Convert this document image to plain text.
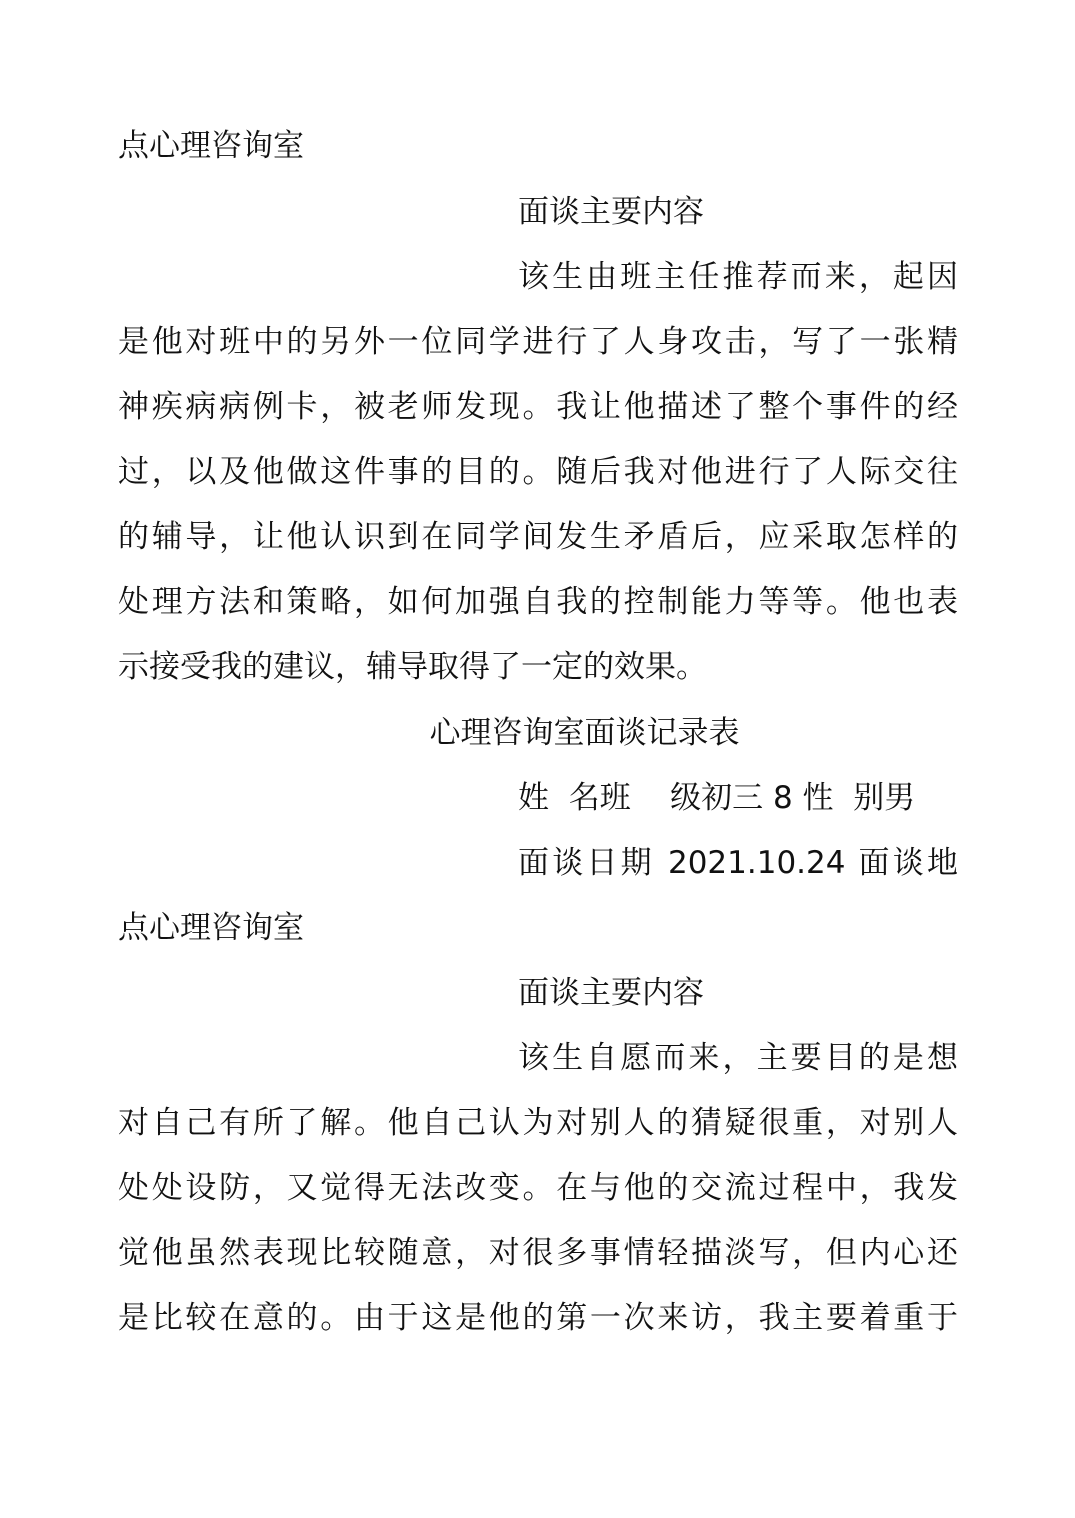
点心理咨询室
面谈主要内容
该生由班主任推荐而来，起因
是他对班中的另外一位同学进行了人身攻击，写了一张精
神疾病病例卡，被老师发现。我让他描述了整个事件的经
过，以及他做这件事的目的。随后我对他进行了人际交往
的辅导，让他认识到在同学间发生矛盾后，应采取怎样的
处理方法和策略，如何加强自我的控制能力等等。他也表
示接受我的建议，辅导取得了一定的效果。
心理咨询室面谈记录表
姓  名班    级初三 8 性  别男
面谈日期 2021.10.24 面谈地
点心理咨询室
面谈主要内容
该生自愿而来，主要目的是想
对自己有所了解。他自己认为对别人的猜疑很重，对别人
处处设防，又觉得无法改变。在与他的交流过程中，我发
觉他虽然表现比较随意，对很多事情轻描淡写，但内心还
是比较在意的。由于这是他的第一次来访，我主要着重于
